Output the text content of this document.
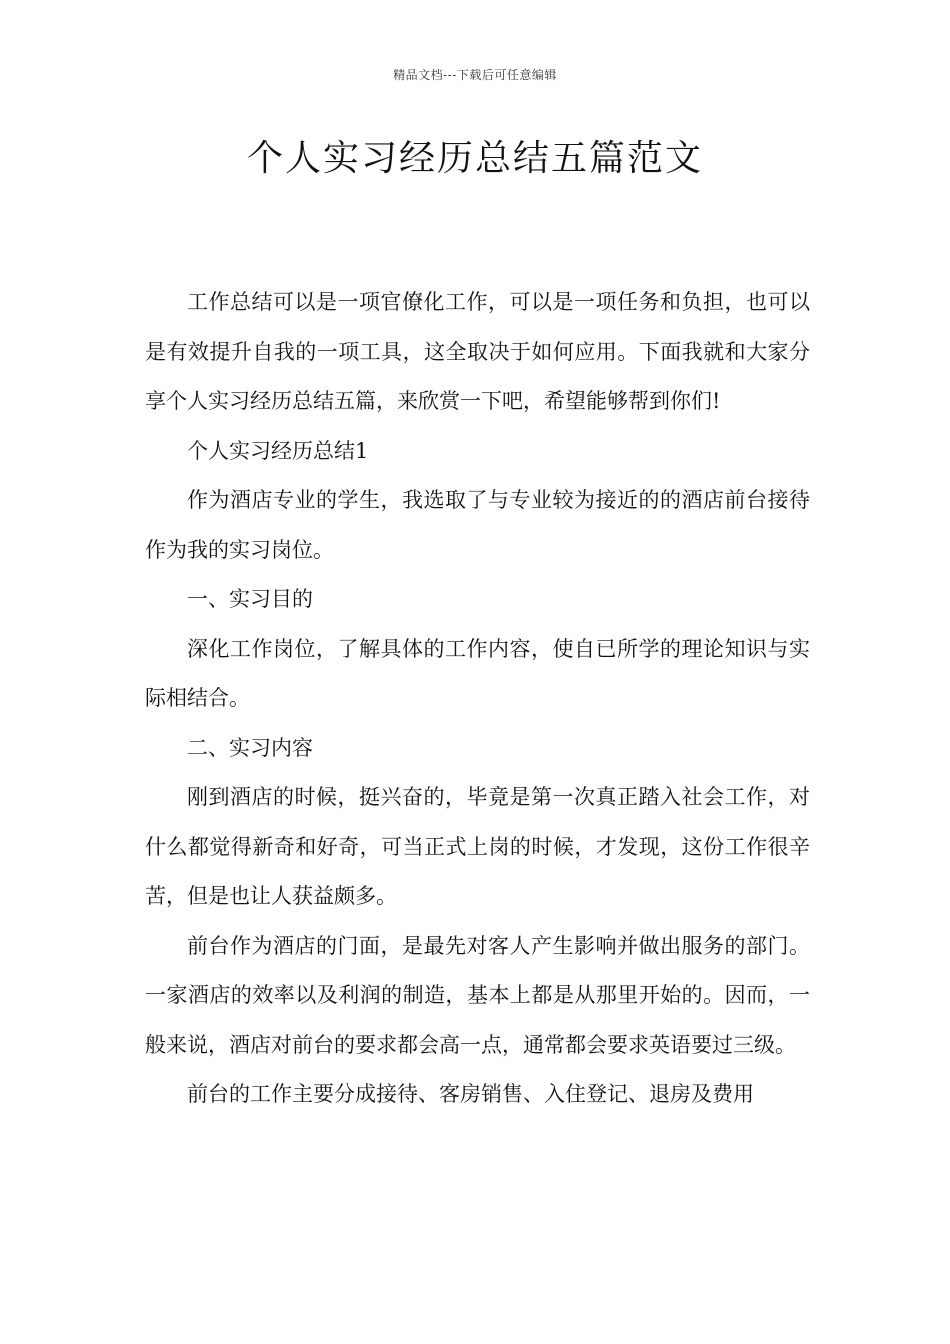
精品文档---下载后可任意编辑
个人实习经历总结五篇范文

工作总结可以是一项官僚化工作，可以是一项任务和负担，也可以是有效提升自我的一项工具，这全取决于如何应用。下面我就和大家分享个人实习经历总结五篇，来欣赏一下吧，希望能够帮到你们!

个人实习经历总结1

作为酒店专业的学生，我选取了与专业较为接近的的酒店前台接待作为我的实习岗位。

一、实习目的

深化工作岗位，了解具体的工作内容，使自已所学的理论知识与实际相结合。

二、实习内容

刚到酒店的时候，挺兴奋的，毕竟是第一次真正踏入社会工作，对什么都觉得新奇和好奇，可当正式上岗的时候，才发现，这份工作很辛苦，但是也让人获益颇多。

前台作为酒店的门面，是最先对客人产生影响并做出服务的部门。一家酒店的效率以及利润的制造，基本上都是从那里开始的。因而，一般来说，酒店对前台的要求都会高一点，通常都会要求英语要过三级。

前台的工作主要分成接待、客房销售、入住登记、退房及费用
